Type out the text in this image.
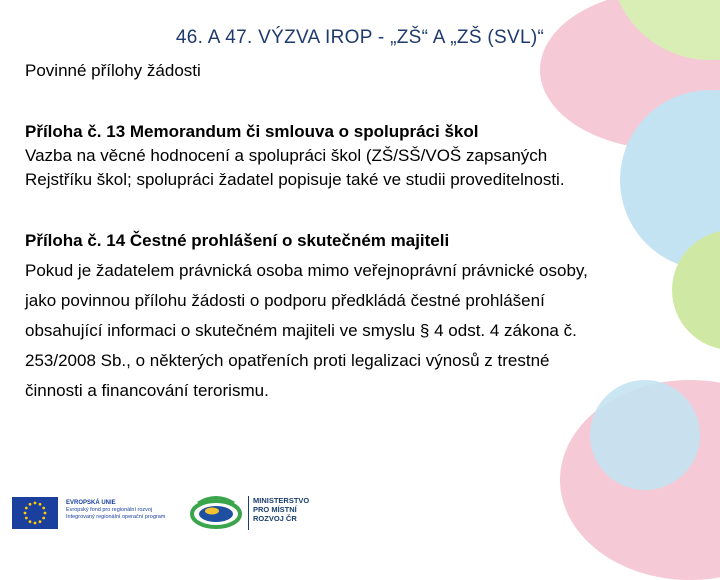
46. A 47. VÝZVA IROP - „ZŠ“ A „ZŠ (SVL)“
Povinné přílohy žádosti
Příloha č. 13 Memorandum či smlouva o spolupráci škol
Vazba na věcné hodnocení a spolupráci škol (ZŠ/SŠ/VOŠ zapsaných
Rejstříku škol; spolupráci žadatel popisuje také ve studii proveditelnosti.
Příloha č. 14 Čestné prohlášení o skutečném majiteli
Pokud je žadatelem právnická osoba mimo veřejnoprávní právnické osoby,
jako povinnou přílohu žádosti o podporu předkládá čestné prohlášení
obsahující informaci o skutečném majiteli ve smyslu § 4 odst. 4 zákona č.
253/2008 Sb., o některých opatřeních proti legalizaci výnosů z trestné
činnosti a financování terorismu.
EVROPSKÁ UNIE
Evropský fond pro regionální rozvoj
Integrovaný regionální operační program
MINISTERSTVO
PRO MÍSTNÍ
ROZVOJ ČR
